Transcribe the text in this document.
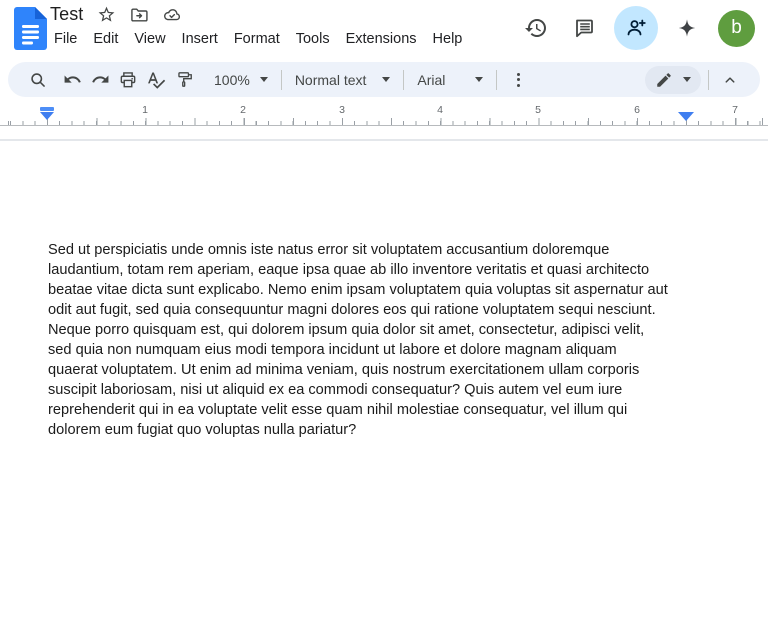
Test
File	Edit	View	Insert	Format	Tools	Extensions	Help
b
100%	Normal text	Arial
1	2	3	4	5	6	7
Sed ut perspiciatis unde omnis iste natus error sit voluptatem accusantium doloremque
laudantium, totam rem aperiam, eaque ipsa quae ab illo inventore veritatis et quasi architecto
beatae vitae dicta sunt explicabo. Nemo enim ipsam voluptatem quia voluptas sit aspernatur aut
odit aut fugit, sed quia consequuntur magni dolores eos qui ratione voluptatem sequi nesciunt.
Neque porro quisquam est, qui dolorem ipsum quia dolor sit amet, consectetur, adipisci velit,
sed quia non numquam eius modi tempora incidunt ut labore et dolore magnam aliquam
quaerat voluptatem. Ut enim ad minima veniam, quis nostrum exercitationem ullam corporis
suscipit laboriosam, nisi ut aliquid ex ea commodi consequatur? Quis autem vel eum iure
reprehenderit qui in ea voluptate velit esse quam nihil molestiae consequatur, vel illum qui
dolorem eum fugiat quo voluptas nulla pariatur?
